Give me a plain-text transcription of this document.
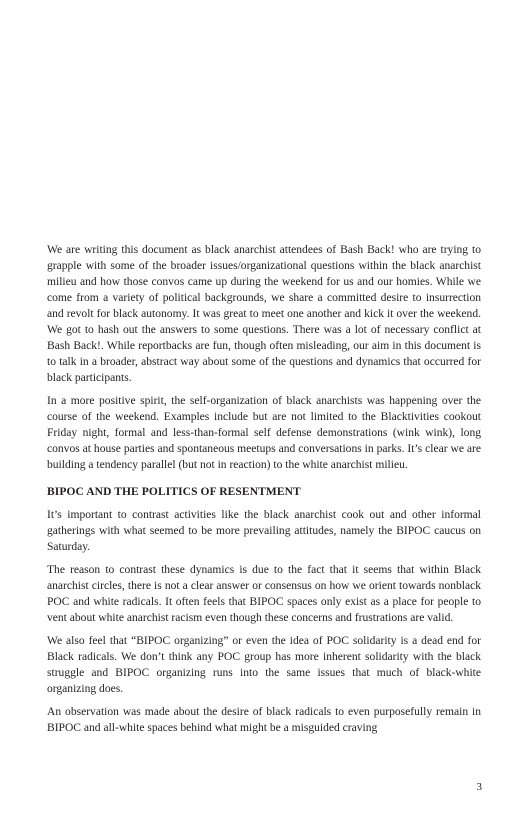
We are writing this document as black anarchist attendees of Bash Back! who are trying to grapple with some of the broader issues/organizational questions within the black anarchist milieu and how those convos came up during the weekend for us and our homies. While we come from a variety of political backgrounds, we share a committed desire to insurrection and revolt for black autonomy. It was great to meet one another and kick it over the weekend. We got to hash out the answers to some questions. There was a lot of necessary conflict at Bash Back!. While reportbacks are fun, though often misleading, our aim in this document is to talk in a broader, abstract way about some of the questions and dynamics that occurred for black participants.

In a more positive spirit, the self-organization of black anarchists was happening over the course of the weekend. Examples include but are not limited to the Blacktivities cookout Friday night, formal and less-than-formal self defense demonstrations (wink wink), long convos at house parties and spontaneous meetups and conversations in parks. It’s clear we are building a tendency parallel (but not in reaction) to the white anarchist milieu.

BIPOC AND THE POLITICS OF RESENTMENT

It’s important to contrast activities like the black anarchist cook out and other informal gatherings with what seemed to be more prevailing attitudes, namely the BIPOC caucus on Saturday.

The reason to contrast these dynamics is due to the fact that it seems that within Black anarchist circles, there is not a clear answer or consensus on how we orient towards nonblack POC and white radicals. It often feels that BIPOC spaces only exist as a place for people to vent about white anarchist racism even though these concerns and frustrations are valid.

We also feel that “BIPOC organizing” or even the idea of POC solidarity is a dead end for Black radicals. We don’t think any POC group has more inherent solidarity with the black struggle and BIPOC organizing runs into the same issues that much of black-white organizing does.

An observation was made about the desire of black radicals to even purposefully remain in BIPOC and all-white spaces behind what might be a misguided craving

3
